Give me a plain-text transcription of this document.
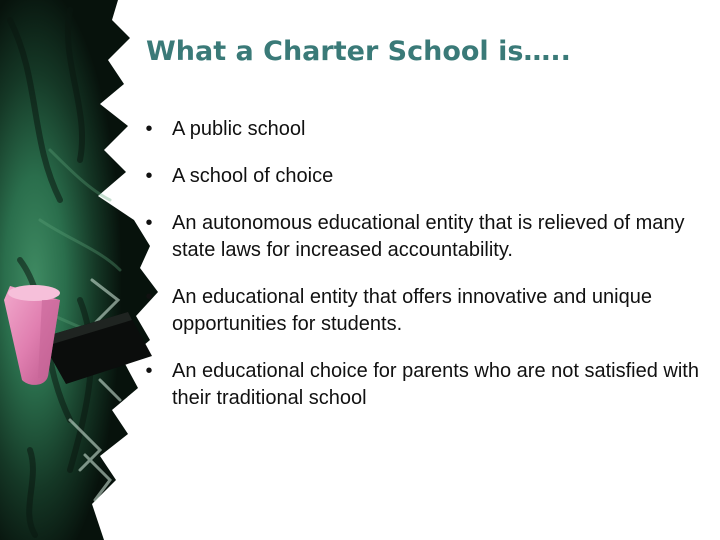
What a Charter School is…..
• A public school
• A school of choice
• An autonomous educational entity that is relieved of many state laws for increased accountability.
• An educational entity that offers innovative and unique opportunities for students.
• An educational choice for parents who are not satisfied with their traditional school
